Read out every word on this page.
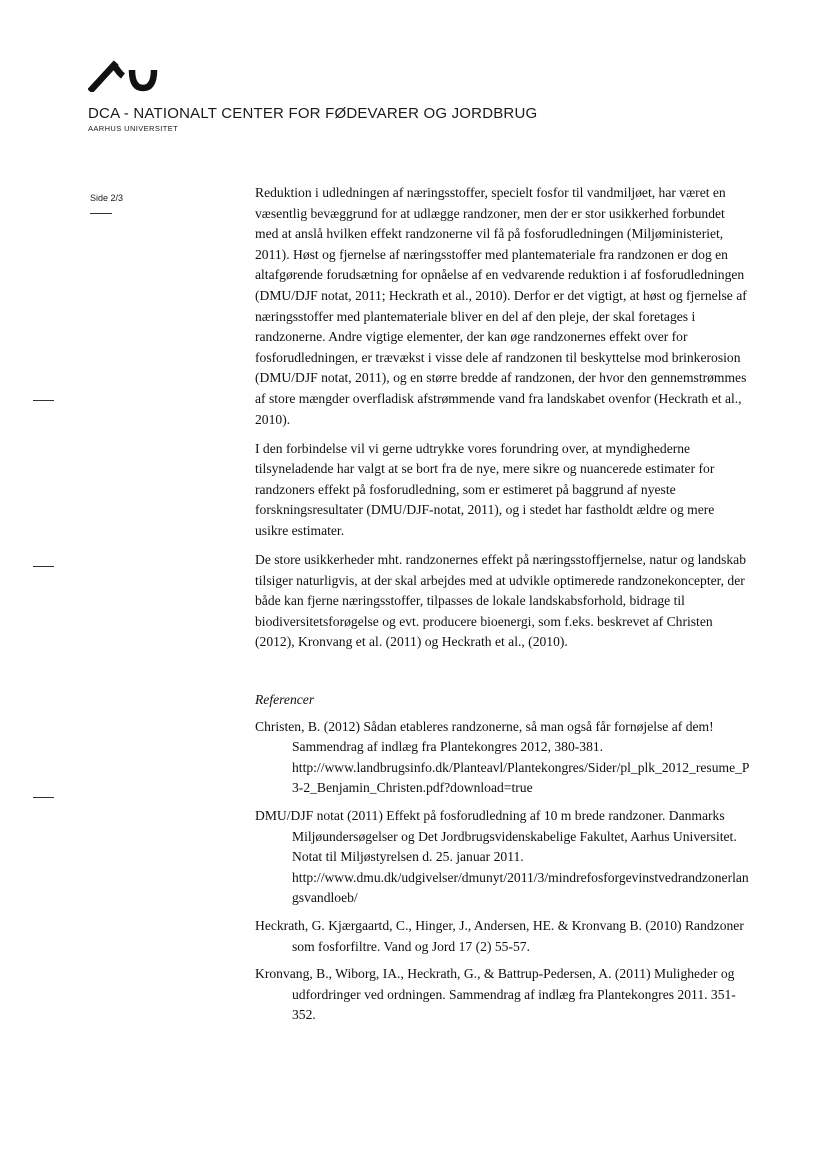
DCA - NATIONALT CENTER FOR FØDEVARER OG JORDBRUG
AARHUS UNIVERSITET
Side 2/3	Reduktion i udledningen af næringsstoffer, specielt fosfor til vandmiljøet, har været en væsentlig bevæggrund for at udlægge randzoner, men der er stor usikkerhed forbundet med at anslå hvilken effekt randzonerne vil få på fosforudledningen (Miljøministeriet, 2011). Høst og fjernelse af næringsstoffer med plantemateriale fra randzonen er dog en altafgørende forudsætning for opnåelse af en vedvarende reduktion i af fosforudledningen (DMU/DJF notat, 2011; Heckrath et al., 2010). Derfor er det vigtigt, at høst og fjernelse af næringsstoffer med plantemateriale bliver en del af den pleje, der skal foretages i randzonerne. Andre vigtige elementer, der kan øge randzonernes effekt over for fosforudledningen, er trævækst i visse dele af randzonen til beskyttelse mod brinkerosion (DMU/DJF notat, 2011), og en større bredde af randzonen, der hvor den gennemstrømmes af store mængder overfladisk afstrømmende vand fra landskabet ovenfor (Heckrath et al., 2010).

I den forbindelse vil vi gerne udtrykke vores forundring over, at myndighederne tilsyneladende har valgt at se bort fra de nye, mere sikre og nuancerede estimater for randzoners effekt på fosforudledning, som er estimeret på baggrund af nyeste forskningsresultater (DMU/DJF-notat, 2011), og i stedet har fastholdt ældre og mere usikre estimater.

De store usikkerheder mht. randzonernes effekt på næringsstoffjernelse, natur og landskab tilsiger naturligvis, at der skal arbejdes med at udvikle optimerede randzonekoncepter, der både kan fjerne næringsstoffer, tilpasses de lokale landskabsforhold, bidrage til biodiversitetsforøgelse og evt. producere bioenergi, som f.eks. beskrevet af Christen (2012), Kronvang et al. (2011) og Heckrath et al., (2010).

Referencer
Christen, B. (2012) Sådan etableres randzonerne, så man også får fornøjelse af dem! Sammendrag af indlæg fra Plantekongres 2012, 380-381.
http://www.landbrugsinfo.dk/Planteavl/Plantekongres/Sider/pl_plk_2012_resume_P3-2_Benjamin_Christen.pdf?download=true
DMU/DJF notat (2011) Effekt på fosforudledning af 10 m brede randzoner. Danmarks Miljøundersøgelser og Det Jordbrugsvidenskabelige Fakultet, Aarhus Universitet. Notat til Miljøstyrelsen d. 25. januar 2011.
http://www.dmu.dk/udgivelser/dmunyt/2011/3/mindrefosforgevinstvedrandzonerlangsvandloeb/
Heckrath, G. Kjærgaartd, C., Hinger, J., Andersen, HE. & Kronvang B. (2010) Randzoner som fosforfiltre. Vand og Jord 17 (2) 55-57.
Kronvang, B., Wiborg, IA., Heckrath, G., & Battrup-Pedersen, A. (2011) Muligheder og udfordringer ved ordningen. Sammendrag af indlæg fra Plantekongres 2011. 351-352.
